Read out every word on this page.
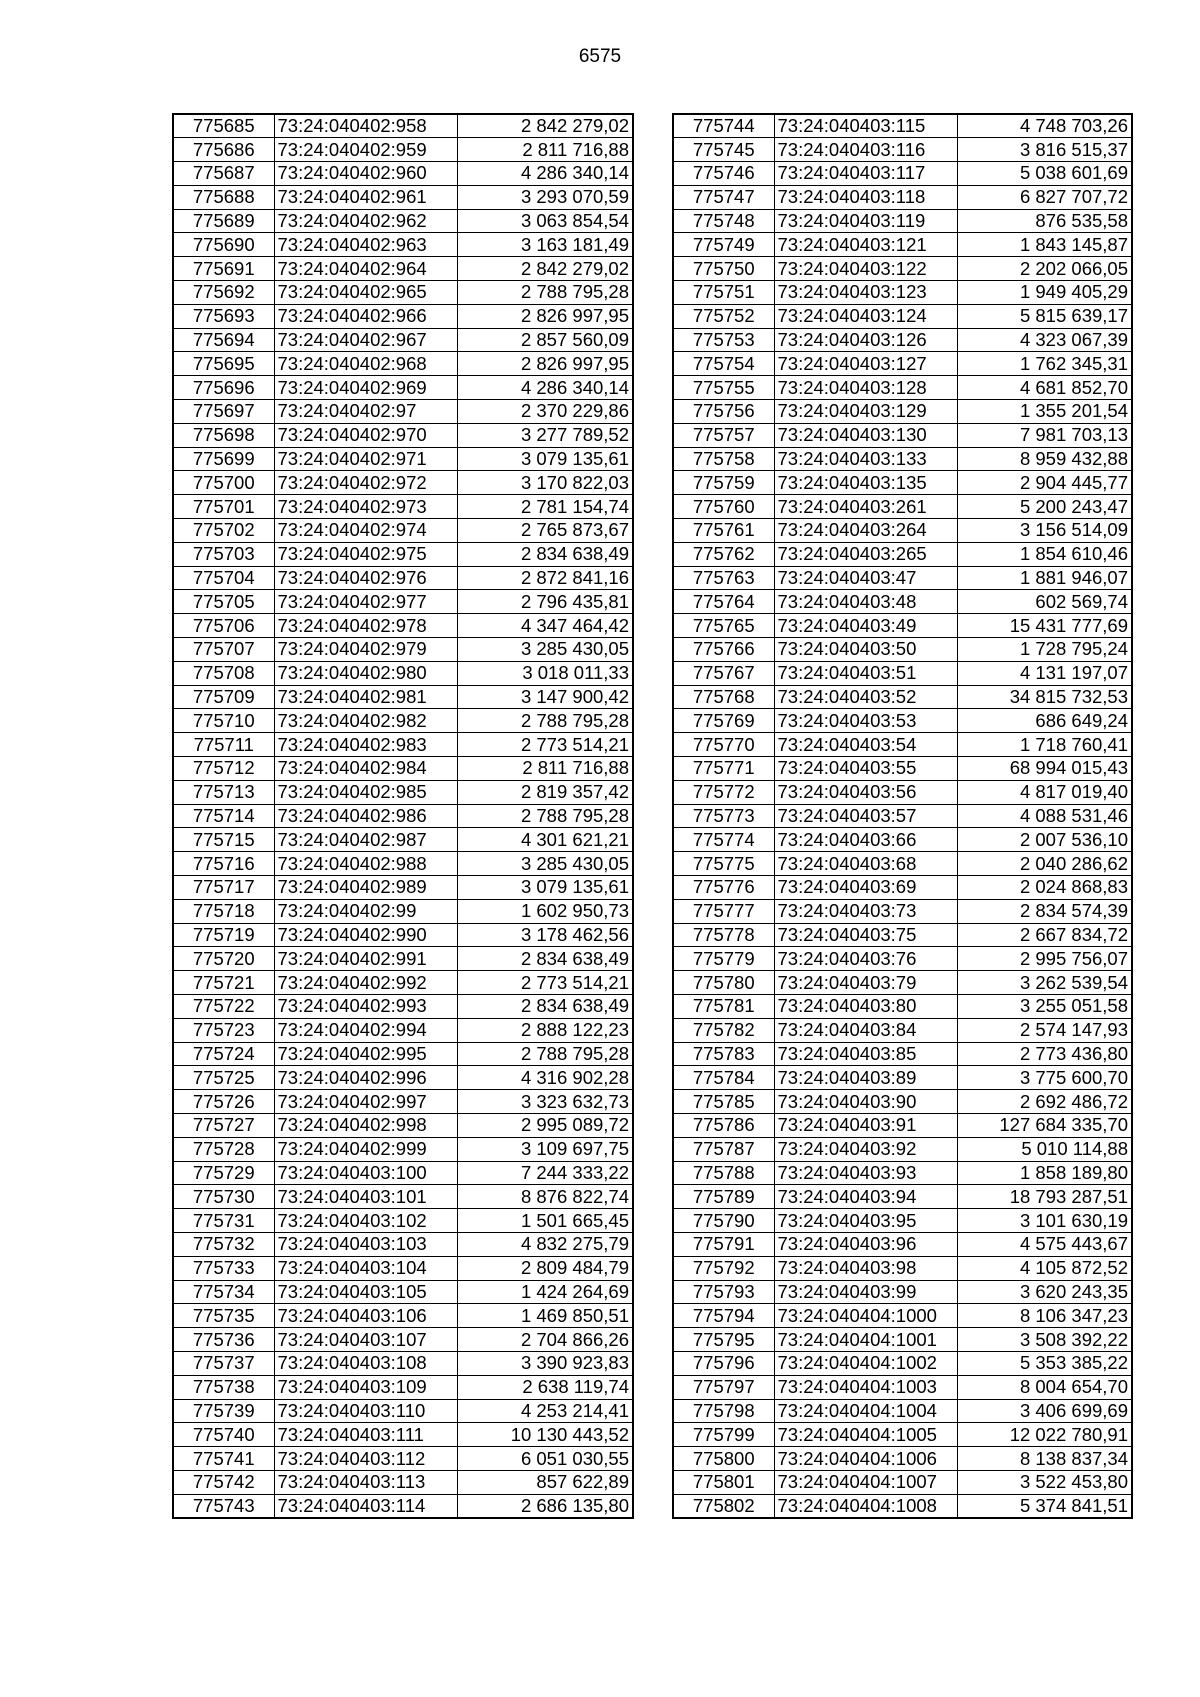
6575
775685	73:24:040402:958	2 842 279,02
775686	73:24:040402:959	2 811 716,88
775687	73:24:040402:960	4 286 340,14
775688	73:24:040402:961	3 293 070,59
775689	73:24:040402:962	3 063 854,54
775690	73:24:040402:963	3 163 181,49
775691	73:24:040402:964	2 842 279,02
775692	73:24:040402:965	2 788 795,28
775693	73:24:040402:966	2 826 997,95
775694	73:24:040402:967	2 857 560,09
775695	73:24:040402:968	2 826 997,95
775696	73:24:040402:969	4 286 340,14
775697	73:24:040402:97	2 370 229,86
775698	73:24:040402:970	3 277 789,52
775699	73:24:040402:971	3 079 135,61
775700	73:24:040402:972	3 170 822,03
775701	73:24:040402:973	2 781 154,74
775702	73:24:040402:974	2 765 873,67
775703	73:24:040402:975	2 834 638,49
775704	73:24:040402:976	2 872 841,16
775705	73:24:040402:977	2 796 435,81
775706	73:24:040402:978	4 347 464,42
775707	73:24:040402:979	3 285 430,05
775708	73:24:040402:980	3 018 011,33
775709	73:24:040402:981	3 147 900,42
775710	73:24:040402:982	2 788 795,28
775711	73:24:040402:983	2 773 514,21
775712	73:24:040402:984	2 811 716,88
775713	73:24:040402:985	2 819 357,42
775714	73:24:040402:986	2 788 795,28
775715	73:24:040402:987	4 301 621,21
775716	73:24:040402:988	3 285 430,05
775717	73:24:040402:989	3 079 135,61
775718	73:24:040402:99	1 602 950,73
775719	73:24:040402:990	3 178 462,56
775720	73:24:040402:991	2 834 638,49
775721	73:24:040402:992	2 773 514,21
775722	73:24:040402:993	2 834 638,49
775723	73:24:040402:994	2 888 122,23
775724	73:24:040402:995	2 788 795,28
775725	73:24:040402:996	4 316 902,28
775726	73:24:040402:997	3 323 632,73
775727	73:24:040402:998	2 995 089,72
775728	73:24:040402:999	3 109 697,75
775729	73:24:040403:100	7 244 333,22
775730	73:24:040403:101	8 876 822,74
775731	73:24:040403:102	1 501 665,45
775732	73:24:040403:103	4 832 275,79
775733	73:24:040403:104	2 809 484,79
775734	73:24:040403:105	1 424 264,69
775735	73:24:040403:106	1 469 850,51
775736	73:24:040403:107	2 704 866,26
775737	73:24:040403:108	3 390 923,83
775738	73:24:040403:109	2 638 119,74
775739	73:24:040403:110	4 253 214,41
775740	73:24:040403:111	10 130 443,52
775741	73:24:040403:112	6 051 030,55
775742	73:24:040403:113	857 622,89
775743	73:24:040403:114	2 686 135,80
775744	73:24:040403:115	4 748 703,26
775745	73:24:040403:116	3 816 515,37
775746	73:24:040403:117	5 038 601,69
775747	73:24:040403:118	6 827 707,72
775748	73:24:040403:119	876 535,58
775749	73:24:040403:121	1 843 145,87
775750	73:24:040403:122	2 202 066,05
775751	73:24:040403:123	1 949 405,29
775752	73:24:040403:124	5 815 639,17
775753	73:24:040403:126	4 323 067,39
775754	73:24:040403:127	1 762 345,31
775755	73:24:040403:128	4 681 852,70
775756	73:24:040403:129	1 355 201,54
775757	73:24:040403:130	7 981 703,13
775758	73:24:040403:133	8 959 432,88
775759	73:24:040403:135	2 904 445,77
775760	73:24:040403:261	5 200 243,47
775761	73:24:040403:264	3 156 514,09
775762	73:24:040403:265	1 854 610,46
775763	73:24:040403:47	1 881 946,07
775764	73:24:040403:48	602 569,74
775765	73:24:040403:49	15 431 777,69
775766	73:24:040403:50	1 728 795,24
775767	73:24:040403:51	4 131 197,07
775768	73:24:040403:52	34 815 732,53
775769	73:24:040403:53	686 649,24
775770	73:24:040403:54	1 718 760,41
775771	73:24:040403:55	68 994 015,43
775772	73:24:040403:56	4 817 019,40
775773	73:24:040403:57	4 088 531,46
775774	73:24:040403:66	2 007 536,10
775775	73:24:040403:68	2 040 286,62
775776	73:24:040403:69	2 024 868,83
775777	73:24:040403:73	2 834 574,39
775778	73:24:040403:75	2 667 834,72
775779	73:24:040403:76	2 995 756,07
775780	73:24:040403:79	3 262 539,54
775781	73:24:040403:80	3 255 051,58
775782	73:24:040403:84	2 574 147,93
775783	73:24:040403:85	2 773 436,80
775784	73:24:040403:89	3 775 600,70
775785	73:24:040403:90	2 692 486,72
775786	73:24:040403:91	127 684 335,70
775787	73:24:040403:92	5 010 114,88
775788	73:24:040403:93	1 858 189,80
775789	73:24:040403:94	18 793 287,51
775790	73:24:040403:95	3 101 630,19
775791	73:24:040403:96	4 575 443,67
775792	73:24:040403:98	4 105 872,52
775793	73:24:040403:99	3 620 243,35
775794	73:24:040404:1000	8 106 347,23
775795	73:24:040404:1001	3 508 392,22
775796	73:24:040404:1002	5 353 385,22
775797	73:24:040404:1003	8 004 654,70
775798	73:24:040404:1004	3 406 699,69
775799	73:24:040404:1005	12 022 780,91
775800	73:24:040404:1006	8 138 837,34
775801	73:24:040404:1007	3 522 453,80
775802	73:24:040404:1008	5 374 841,51
